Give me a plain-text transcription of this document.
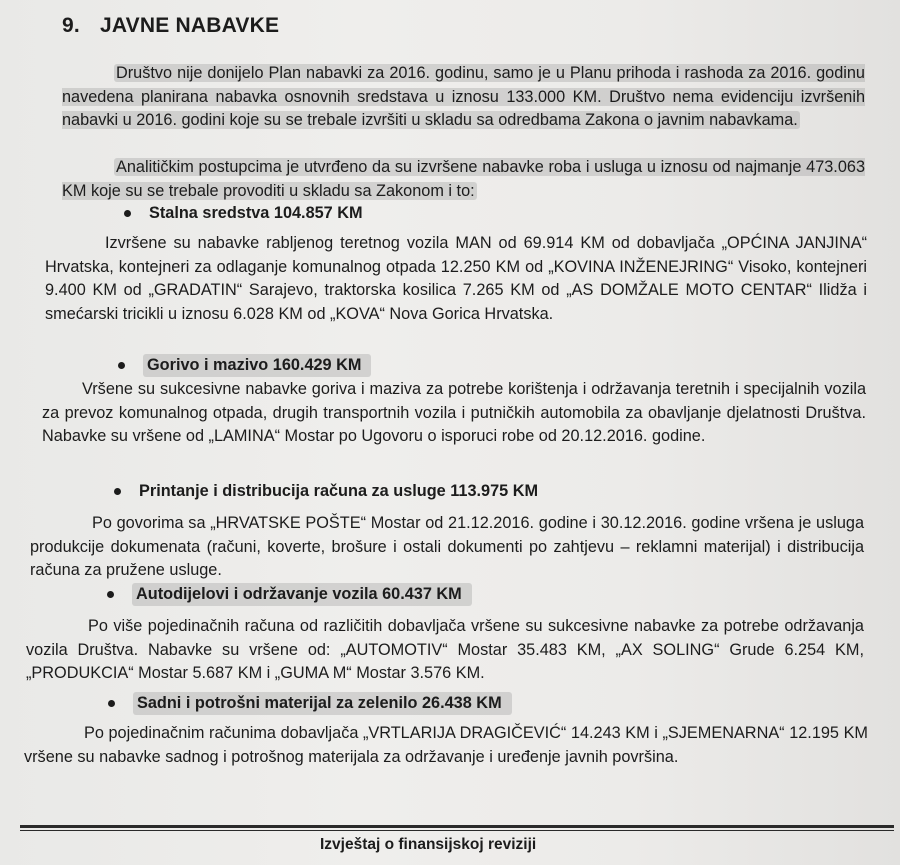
9. JAVNE NABAVKE
Društvo nije donijelo Plan nabavki za 2016. godinu, samo je u Planu prihoda i rashoda za 2016. godinu navedena planirana nabavka osnovnih sredstava u iznosu 133.000 KM. Društvo nema evidenciju izvršenih nabavki u 2016. godini koje su se trebale izvršiti u skladu sa odredbama Zakona o javnim nabavkama.
Analitičkim postupcima je utvrđeno da su izvršene nabavke roba i usluga u iznosu od najmanje 473.063 KM koje su se trebale provoditi u skladu sa Zakonom i to:
Stalna sredstva 104.857 KM
Izvršene su nabavke rabljenog teretnog vozila MAN od 69.914 KM od dobavljača „OPĆINA JANJINA“ Hrvatska, kontejneri za odlaganje komunalnog otpada 12.250 KM od „KOVINA INŽENEJRING“ Visoko, kontejneri 9.400 KM od „GRADATIN“ Sarajevo, traktorska kosilica 7.265 KM od „AS DOMŽALE MOTO CENTAR“ Ilidža i smećarski tricikli u iznosu 6.028 KM od „KOVA“ Nova Gorica Hrvatska.
Gorivo i mazivo 160.429 KM
Vršene su sukcesivne nabavke goriva i maziva za potrebe korištenja i održavanja teretnih i specijalnih vozila za prevoz komunalnog otpada, drugih transportnih vozila i putničkih automobila za obavljanje djelatnosti Društva. Nabavke su vršene od „LAMINA“ Mostar po Ugovoru o isporuci robe od 20.12.2016. godine.
Printanje i distribucija računa za usluge 113.975 KM
Po govorima sa „HRVATSKE POŠTE“ Mostar od 21.12.2016. godine i 30.12.2016. godine vršena je usluga produkcije dokumenata (računi, koverte, brošure i ostali dokumenti po zahtjevu – reklamni materijal) i distribucija računa za pružene usluge.
Autodijelovi i održavanje vozila 60.437 KM
Po više pojedinačnih računa od različitih dobavljača vršene su sukcesivne nabavke za potrebe održavanja vozila Društva. Nabavke su vršene od: „AUTOMOTIV“ Mostar 35.483 KM, „AX SOLING“ Grude 6.254 KM, „PRODUKCIA“ Mostar 5.687 KM i „GUMA M“ Mostar 3.576 KM.
Sadni i potrošni materijal za zelenilo 26.438 KM
Po pojedinačnim računima dobavljača „VRTLARIJA DRAGIČEVIĆ“ 14.243 KM i „SJEMENARNA“ 12.195 KM vršene su nabavke sadnog i potrošnog materijala za održavanje i uređenje javnih površina.
Izvještaj o finansijskoj reviziji
